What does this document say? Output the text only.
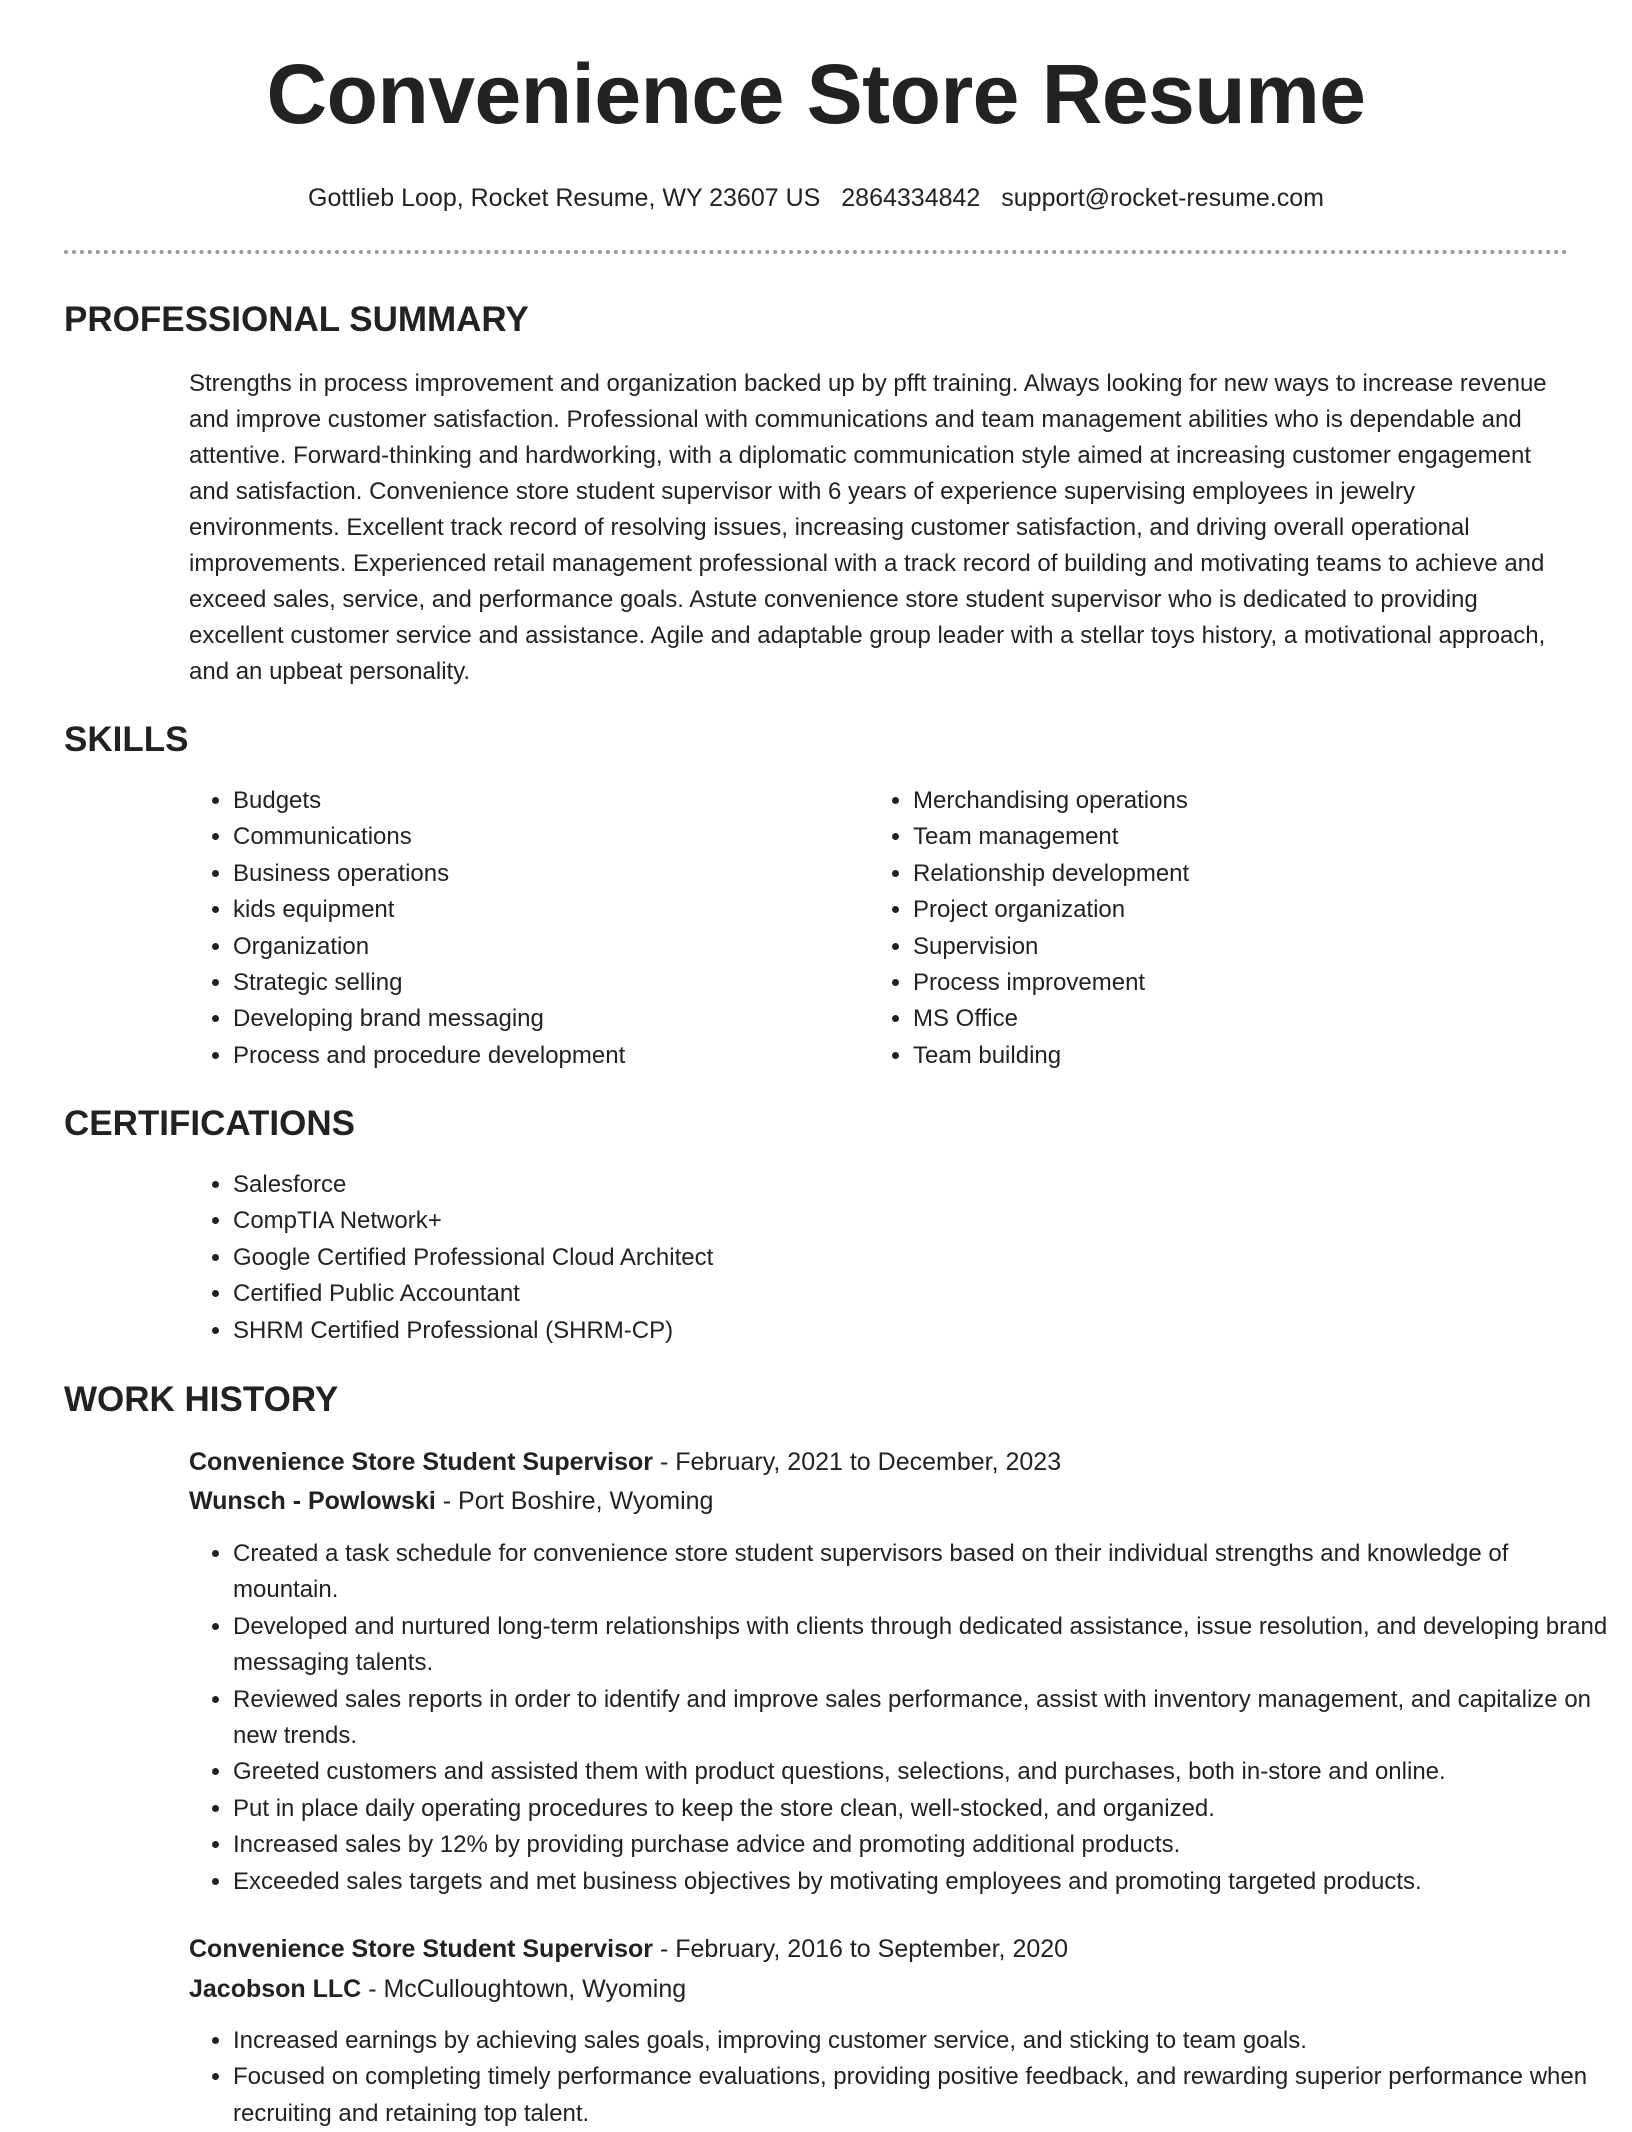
Convenience Store Resume
Gottlieb Loop, Rocket Resume, WY 23607 US 2864334842 support@rocket-resume.com
PROFESSIONAL SUMMARY

Strengths in process improvement and organization backed up by pfft training. Always looking for new ways to increase revenue and improve customer satisfaction. Professional with communications and team management abilities who is dependable and attentive. Forward-thinking and hardworking, with a diplomatic communication style aimed at increasing customer engagement and satisfaction. Convenience store student supervisor with 6 years of experience supervising employees in jewelry environments. Excellent track record of resolving issues, increasing customer satisfaction, and driving overall operational improvements. Experienced retail management professional with a track record of building and motivating teams to achieve and exceed sales, service, and performance goals. Astute convenience store student supervisor who is dedicated to providing excellent customer service and assistance. Agile and adaptable group leader with a stellar toys history, a motivational approach, and an upbeat personality.

SKILLS
• Budgets
• Communications
• Business operations
• kids equipment
• Organization
• Strategic selling
• Developing brand messaging
• Process and procedure development
• Merchandising operations
• Team management
• Relationship development
• Project organization
• Supervision
• Process improvement
• MS Office
• Team building
CERTIFICATIONS
• Salesforce
• CompTIA Network+
• Google Certified Professional Cloud Architect
• Certified Public Accountant
• SHRM Certified Professional (SHRM-CP)
WORK HISTORY
Convenience Store Student Supervisor - February, 2021 to December, 2023
Wunsch - Powlowski - Port Boshire, Wyoming
• Created a task schedule for convenience store student supervisors based on their individual strengths and knowledge of mountain.
• Developed and nurtured long-term relationships with clients through dedicated assistance, issue resolution, and developing brand messaging talents.
• Reviewed sales reports in order to identify and improve sales performance, assist with inventory management, and capitalize on new trends.
• Greeted customers and assisted them with product questions, selections, and purchases, both in-store and online.
• Put in place daily operating procedures to keep the store clean, well-stocked, and organized.
• Increased sales by 12% by providing purchase advice and promoting additional products.
• Exceeded sales targets and met business objectives by motivating employees and promoting targeted products.
Convenience Store Student Supervisor - February, 2016 to September, 2020
Jacobson LLC - McCulloughtown, Wyoming
• Increased earnings by achieving sales goals, improving customer service, and sticking to team goals.
• Focused on completing timely performance evaluations, providing positive feedback, and rewarding superior performance when recruiting and retaining top talent.
